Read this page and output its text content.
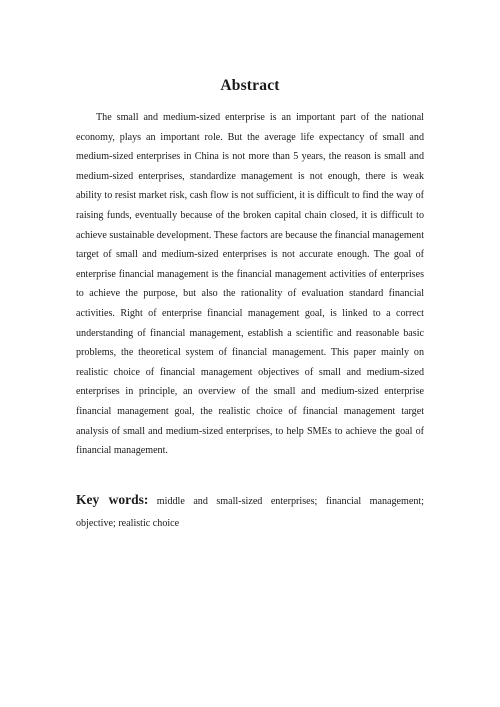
Abstract

The small and medium-sized enterprise is an important part of the national economy, plays an important role. But the average life expectancy of small and medium-sized enterprises in China is not more than 5 years, the reason is small and medium-sized enterprises, standardize management is not enough, there is weak ability to resist market risk, cash flow is not sufficient, it is difficult to find the way of raising funds, eventually because of the broken capital chain closed, it is difficult to achieve sustainable development. These factors are because the financial management target of small and medium-sized enterprises is not accurate enough. The goal of enterprise financial management is the financial management activities of enterprises to achieve the purpose, but also the rationality of evaluation standard financial activities. Right of enterprise financial management goal, is linked to a correct understanding of financial management, establish a scientific and reasonable basic problems, the theoretical system of financial management. This paper mainly on realistic choice of financial management objectives of small and medium-sized enterprises in principle, an overview of the small and medium-sized enterprise financial management goal, the realistic choice of financial management target analysis of small and medium-sized enterprises, to help SMEs to achieve the goal of financial management.

Key words: middle and small-sized enterprises; financial management; objective; realistic choice
